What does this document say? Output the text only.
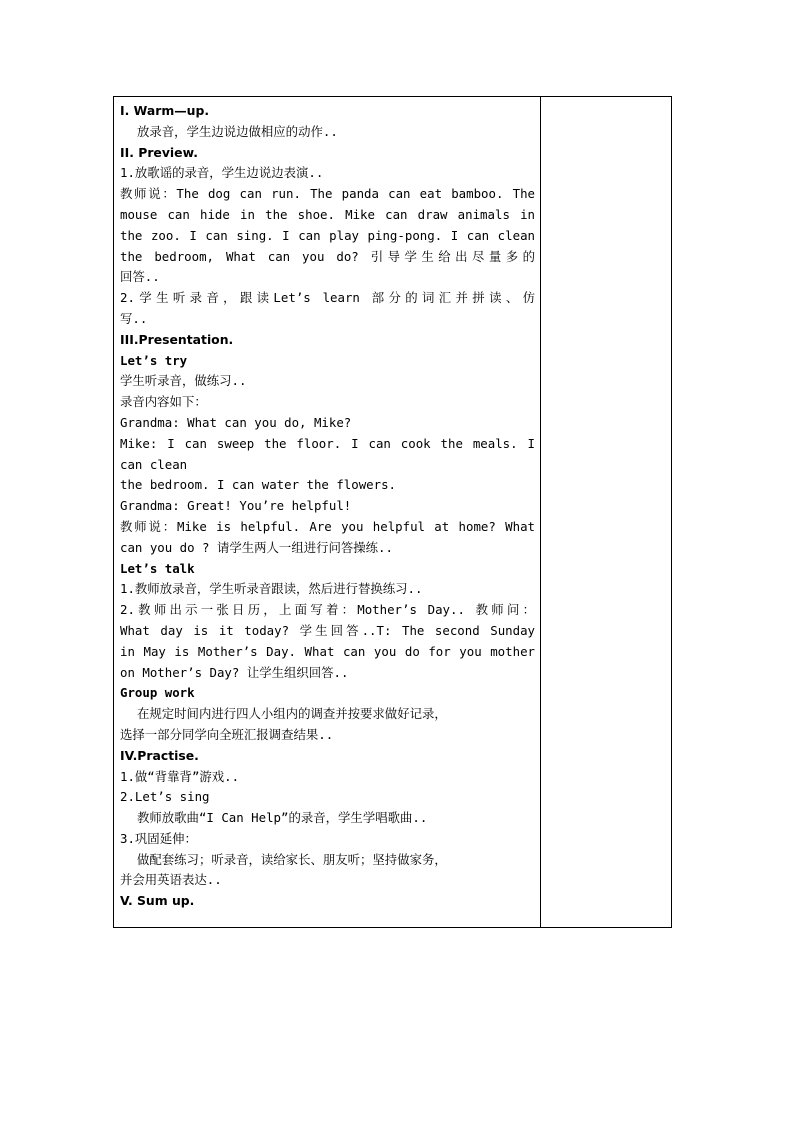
I. Warm—up.
放录音，学生边说边做相应的动作..
II. Preview.
1.放歌谣的录音，学生边说边表演..
教师说：The dog can run. The panda can eat bamboo. The
mouse can hide in the shoe. Mike can draw animals in
the zoo. I can sing. I can play ping-pong. I can clean
the bedroom, What can you do? 引导学生给出尽量多的
回答..
2.学生听录音，跟读Let’s learn 部分的词汇并拼读、仿
写..
III.Presentation.
Let’s try
学生听录音，做练习..
录音内容如下：
Grandma: What can you do, Mike?
Mike: I can sweep the floor. I can cook the meals. I
can clean
the bedroom. I can water the flowers.
Grandma: Great! You’re helpful!
教师说：Mike is helpful. Are you helpful at home? What
can you do ? 请学生两人一组进行问答操练..
Let’s talk
1.教师放录音，学生听录音跟读，然后进行替换练习..
2.教师出示一张日历，上面写着：Mother’s Day.. 教师问：
What day is it today? 学生回答..T: The second Sunday
in May is Mother’s Day. What can you do for you mother
on Mother’s Day? 让学生组织回答..
Group work
在规定时间内进行四人小组内的调查并按要求做好记录，
选择一部分同学向全班汇报调查结果..
IV.Practise.
1.做“背靠背”游戏..
2.Let’s sing
教师放歌曲“I Can Help”的录音，学生学唱歌曲..
3.巩固延伸：
做配套练习；听录音，读给家长、朋友听；坚持做家务，
并会用英语表达..
V. Sum up.
